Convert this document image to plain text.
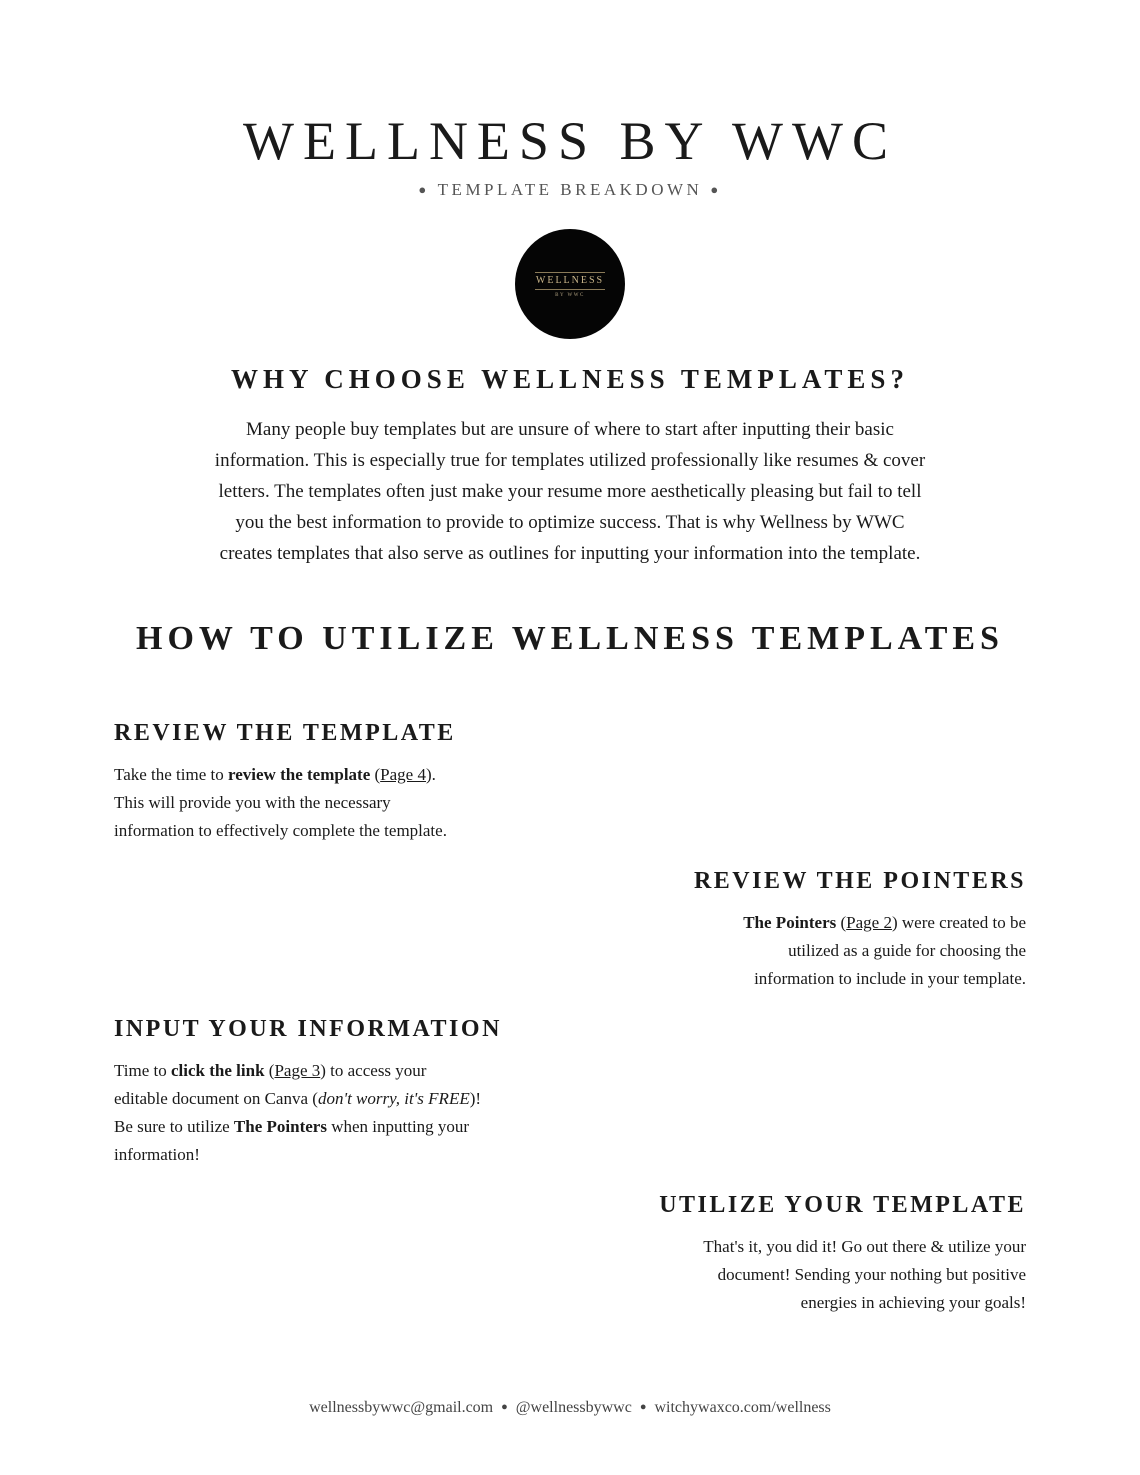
WELLNESS BY WWC
● TEMPLATE BREAKDOWN ●
WELLNESS
BY WWC
WHY CHOOSE WELLNESS TEMPLATES?
Many people buy templates but are unsure of where to start after inputting their basic
information. This is especially true for templates utilized professionally like resumes & cover
letters. The templates often just make your resume more aesthetically pleasing but fail to tell
you the best information to provide to optimize success. That is why Wellness by WWC
creates templates that also serve as outlines for inputting your information into the template.
HOW TO UTILIZE WELLNESS TEMPLATES
REVIEW THE TEMPLATE
Take the time to review the template (Page 4).
This will provide you with the necessary
information to effectively complete the template.
REVIEW THE POINTERS
The Pointers (Page 2) were created to be
utilized as a guide for choosing the
information to include in your template.
INPUT YOUR INFORMATION
Time to click the link (Page 3) to access your
editable document on Canva (don't worry, it's FREE)!
Be sure to utilize The Pointers when inputting your
information!
UTILIZE YOUR TEMPLATE
That's it, you did it! Go out there & utilize your
document! Sending your nothing but positive
energies in achieving your goals!
wellnessbywwc@gmail.com ● @wellnessbywwc ● witchywaxco.com/wellness
